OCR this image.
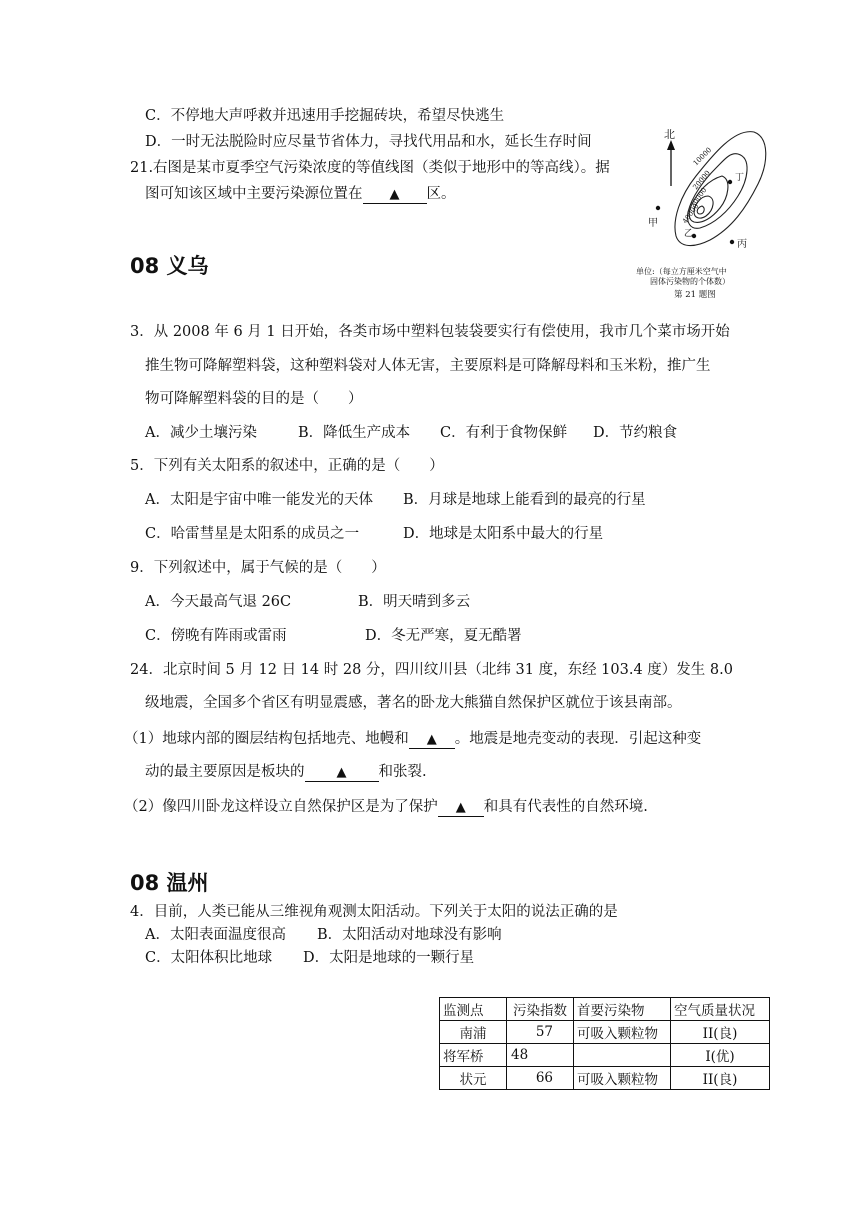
C．不停地大声呼救并迅速用手挖掘砖块，希望尽快逃生
D．一时无法脱险时应尽量节省体力，寻找代用品和水，延长生存时间
21.右图是某市夏季空气污染浓度的等值线图（类似于地形中的等高线）。据
图可知该区域中主要污染源位置在 ▲ 区。
北
10000
20000
30000
40000
甲
乙
丙
丁
单位:（每立方厘米空气中
固体污染物的个体数）
第 21 题图
08 义乌
3．从 2008 年 6 月 1 日开始，各类市场中塑料包装袋要实行有偿使用，我市几个菜市场开始
推生物可降解塑料袋，这种塑料袋对人体无害，主要原料是可降解母料和玉米粉，推广生
物可降解塑料袋的目的是（　　）
A．减少土壤污染	B．降低生产成本 C．有利于食物保鲜 D．节约粮食
5．下列有关太阳系的叙述中，正确的是（　　）
A．太阳是宇宙中唯一能发光的天体 B．月球是地球上能看到的最亮的行星
C．哈雷彗星是太阳系的成员之一	D．地球是太阳系中最大的行星
9．下列叙述中，属于气候的是（　　）
A．今天最高气退 26C	B．明天晴到多云
C．傍晚有阵雨或雷雨	D．冬无严寒，夏无酷署
24．北京时间 5 月 12 日 14 时 28 分，四川纹川县（北纬 31 度，东经 103.4 度）发生 8.0
级地震，全国多个省区有明显震感，著名的卧龙大熊猫自然保护区就位于该县南部。
（1）地球内部的圈层结构包括地壳、地幔和 ▲ 。地震是地壳变动的表现．引起这种变
动的最主要原因是板块的 ▲ 和张裂.
（2）像四川卧龙这样设立自然保护区是为了保护 ▲ 和具有代表性的自然环境.
08 温州
4．目前，人类已能从三维视角观测太阳活动。下列关于太阳的说法正确的是
A．太阳表面温度很高 B．太阳活动对地球没有影响
C．太阳体积比地球 D．太阳是地球的一颗行星
监测点	污染指数	首要污染物	空气质量状况
南浦	57	可吸入颗粒物	II(良)
将军桥	48		I(优)
状元	66	可吸入颗粒物	II(良)
